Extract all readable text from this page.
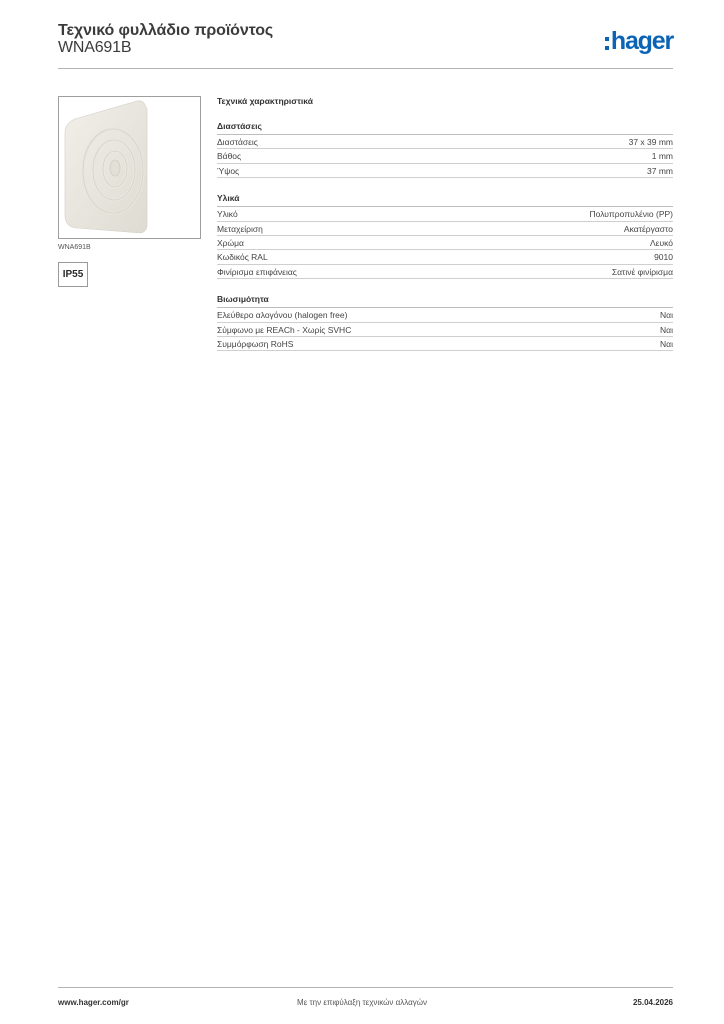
Τεχνικό φυλλάδιο προϊόντος
WNA691B	hager
WNA691B
IP55
Τεχνικά χαρακτηριστικά
Διαστάσεις
Διαστάσεις	37 x 39 mm
Βάθος	1 mm
Ύψος	37 mm
Υλικά
Υλικό	Πολυπροπυλένιο (PP)
Μεταχείριση	Ακατέργαστο
Χρώμα	Λευκό
Κωδικός RAL	9010
Φινίρισμα επιφάνειας	Σατινέ φινίρισμα
Βιωσιμότητα
Ελεύθερο αλογόνου (halogen free)	Ναι
Σύμφωνο με REACh - Χωρίς SVHC	Ναι
Συμμόρφωση RoHS	Ναι
www.hager.com/gr	Με την επιφύλαξη τεχνικών αλλαγών	25.04.2026
